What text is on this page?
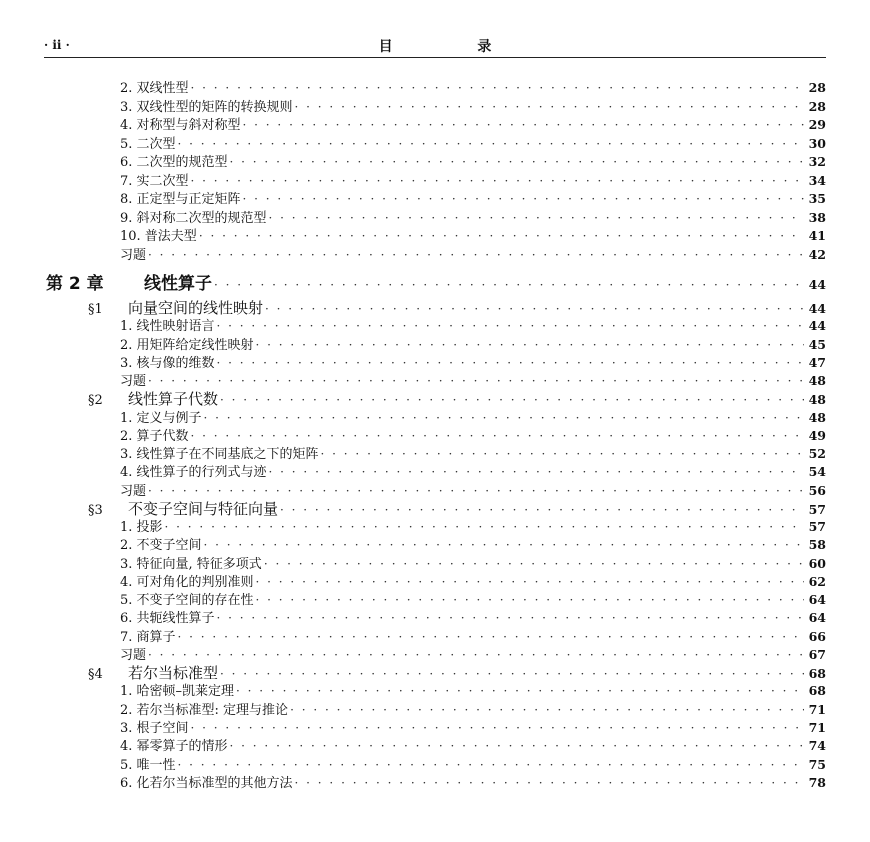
· ii ·	目 录
2. 双线性型 · · ·	28
3. 双线性型的矩阵的转换规则 · · ·	28
4. 对称型与斜对称型 · · ·	29
5. 二次型 · · ·	30
6. 二次型的规范型 · · ·	32
7. 实二次型 · · ·	34
8. 正定型与正定矩阵 · · ·	35
9. 斜对称二次型的规范型 · · ·	38
10. 普法夫型 · · ·	41
习题 · · ·	42
第 2 章 线性算子 · · ·	44
§1 向量空间的线性映射 · · ·	44
1. 线性映射语言 · · ·	44
2. 用矩阵给定线性映射 · · ·	45
3. 核与像的维数 · · ·	47
习题 · · ·	48
§2 线性算子代数 · · ·	48
1. 定义与例子 · · ·	48
2. 算子代数 · · ·	49
3. 线性算子在不同基底之下的矩阵 · · ·	52
4. 线性算子的行列式与迹 · · ·	54
习题 · · ·	56
§3 不变子空间与特征向量 · · ·	57
1. 投影 · · ·	57
2. 不变子空间 · · ·	58
3. 特征向量, 特征多项式 · · ·	60
4. 可对角化的判别准则 · · ·	62
5. 不变子空间的存在性 · · ·	64
6. 共轭线性算子 · · ·	64
7. 商算子 · · ·	66
习题 · · ·	67
§4 若尔当标准型 · · ·	68
1. 哈密顿–凯莱定理 · · ·	68
2. 若尔当标准型: 定理与推论 · · ·	71
3. 根子空间 · · ·	71
4. 幂零算子的情形 · · ·	74
5. 唯一性 · · ·	75
6. 化若尔当标准型的其他方法 · · ·	78
